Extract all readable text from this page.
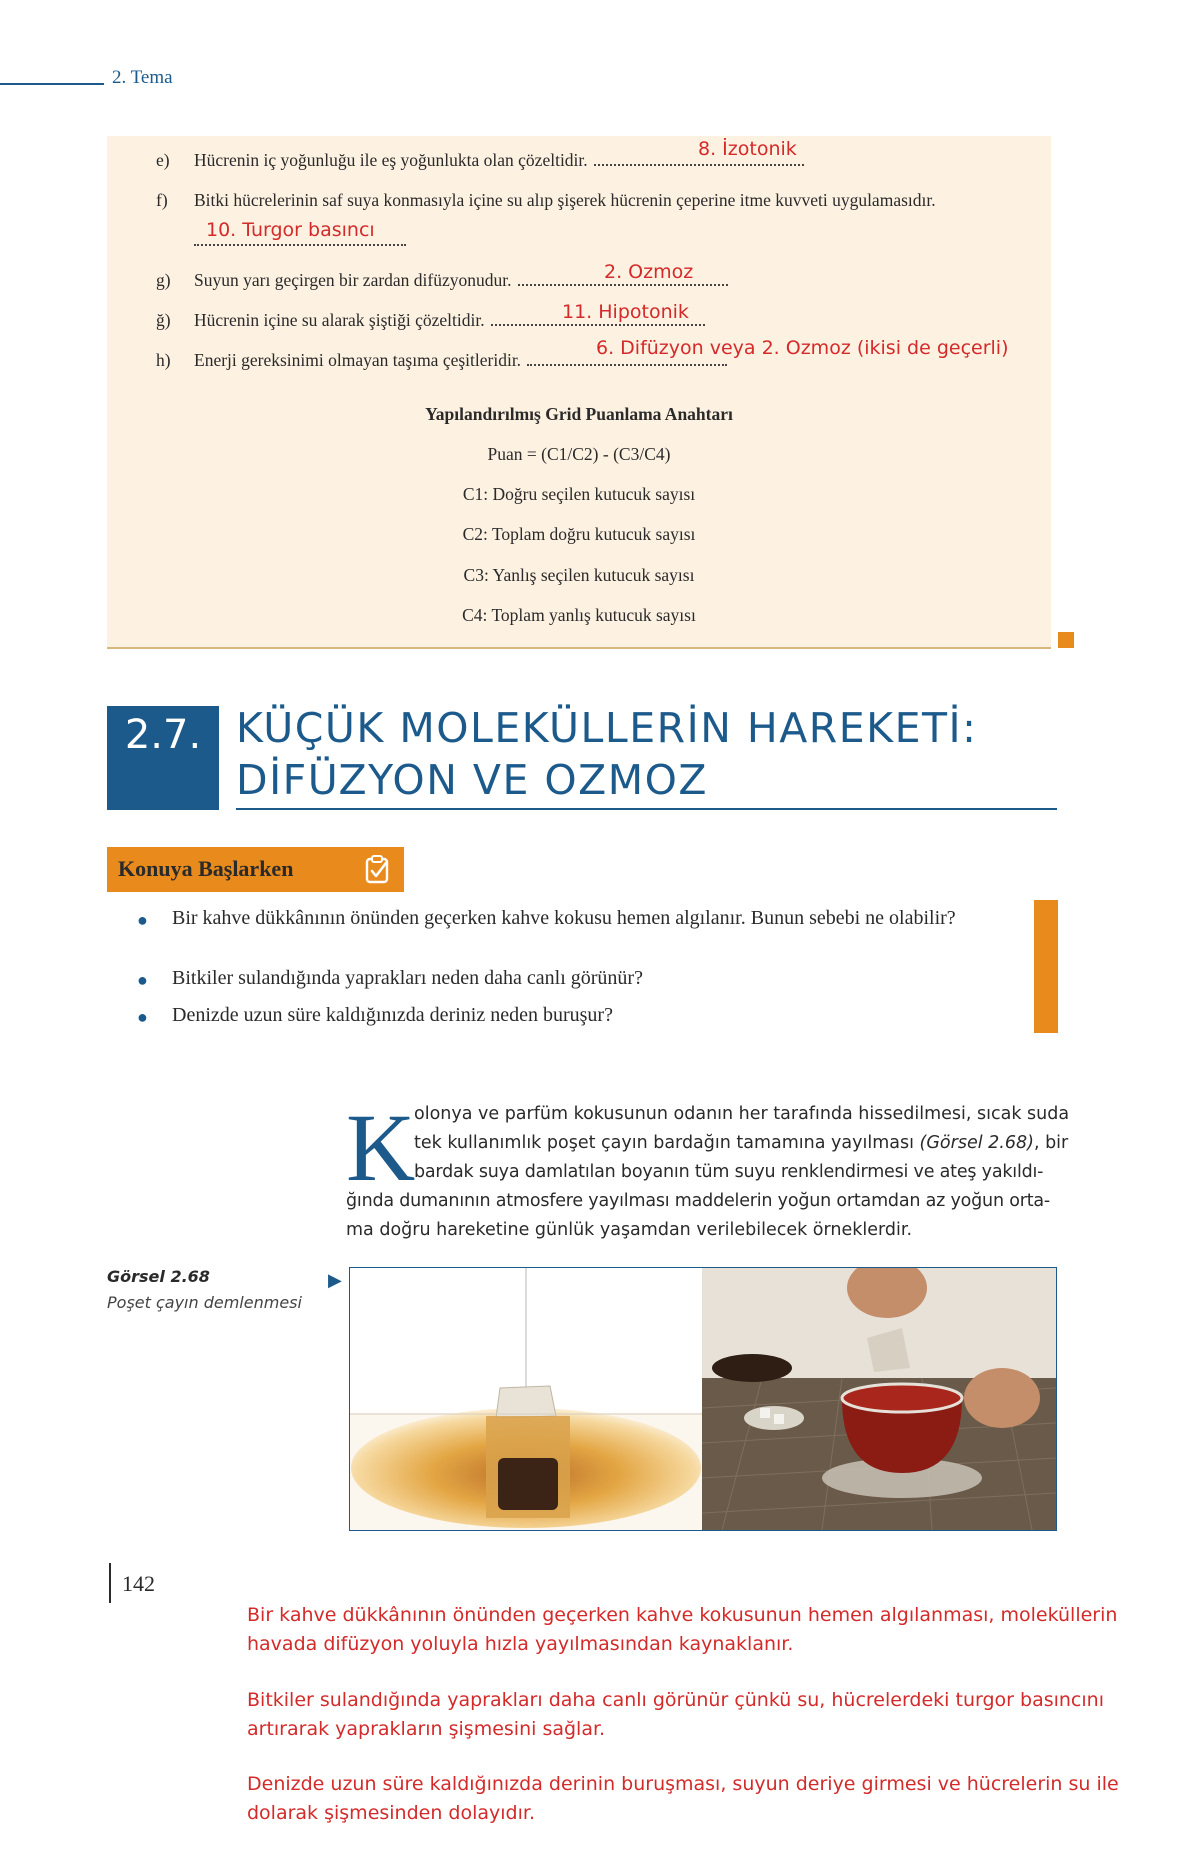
2. Tema
e) Hücrenin iç yoğunluğu ile eş yoğunlukta olan çözeltidir.	8. İzotonik
f) Bitki hücrelerinin saf suya konmasıyla içine su alıp şişerek hücrenin çeperine itme kuvveti uygulamasıdır.
10. Turgor basıncı
g) Suyun yarı geçirgen bir zardan difüzyonudur.	2. Ozmoz
ğ) Hücrenin içine su alarak şiştiği çözeltidir.	11. Hipotonik
h) Enerji gereksinimi olmayan taşıma çeşitleridir.
6. Difüzyon veya 2. Ozmoz (ikisi de geçerli)
Yapılandırılmış Grid Puanlama Anahtarı
Puan = (C1/C2) - (C3/C4)
C1: Doğru seçilen kutucuk sayısı
C2: Toplam doğru kutucuk sayısı
C3: Yanlış seçilen kutucuk sayısı
C4: Toplam yanlış kutucuk sayısı
2.7. KÜÇÜK MOLEKÜLLERİN HAREKETİ:
DİFÜZYON VE OZMOZ
Konuya Başlarken
● Bir kahve dükkânının önünden geçerken kahve kokusu hemen algılanır. Bunun sebebi ne olabilir?
● Bitkiler sulandığında yaprakları neden daha canlı görünür?
● Denizde uzun süre kaldığınızda deriniz neden buruşur?
K
olonya ve parfüm kokusunun odanın her tarafında hissedilmesi, sıcak suda
tek kullanımlık poşet çayın bardağın tamamına yayılması (Görsel 2.68), bir
bardak suya damlatılan boyanın tüm suyu renklendirmesi ve ateş yakıldı-
ğında dumanının atmosfere yayılması maddelerin yoğun ortamdan az yoğun orta-
ma doğru hareketine günlük yaşamdan verilebilecek örneklerdir.
Görsel 2.68
Poşet çayın demlenmesi
▶
142
Bir kahve dükkânının önünden geçerken kahve kokusunun hemen algılanması, moleküllerin havada difüzyon yoluyla hızla yayılmasından kaynaklanır.
Bitkiler sulandığında yaprakları daha canlı görünür çünkü su, hücrelerdeki turgor basıncını artırarak yaprakların şişmesini sağlar.
Denizde uzun süre kaldığınızda derinin buruşması, suyun deriye girmesi ve hücrelerin su ile dolarak şişmesinden dolayıdır.
